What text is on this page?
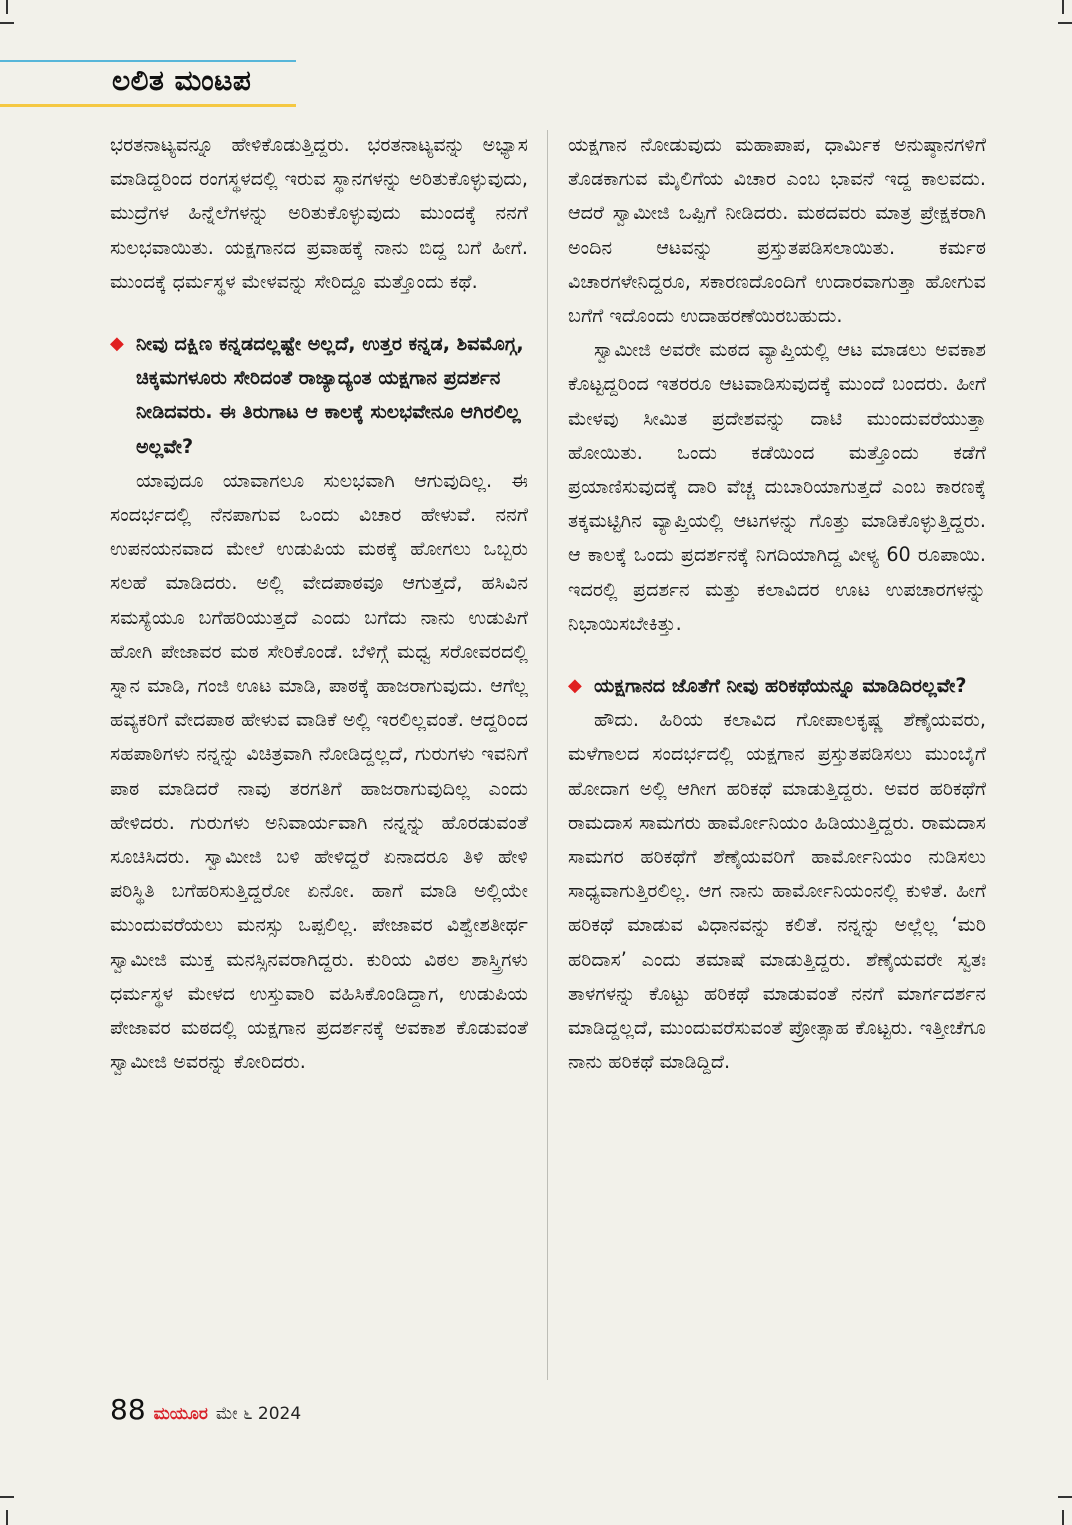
ಲಲಿತ ಮಂಟಪ

ಭರತನಾಟ್ಯವನ್ನೂ ಹೇಳಿಕೊಡುತ್ತಿದ್ದರು. ಭರತನಾಟ್ಯವನ್ನು ಅಭ್ಯಾಸ ಮಾಡಿದ್ದರಿಂದ ರಂಗಸ್ಥಳದಲ್ಲಿ ಇರುವ ಸ್ಥಾನಗಳನ್ನು ಅರಿತುಕೊಳ್ಳುವುದು, ಮುದ್ರೆಗಳ ಹಿನ್ನೆಲೆಗಳನ್ನು ಅರಿತುಕೊಳ್ಳುವುದು ಮುಂದಕ್ಕೆ ನನಗೆ ಸುಲಭವಾಯಿತು. ಯಕ್ಷಗಾನದ ಪ್ರವಾಹಕ್ಕೆ ನಾನು ಬಿದ್ದ ಬಗೆ ಹೀಗೆ. ಮುಂದಕ್ಕೆ ಧರ್ಮಸ್ಥಳ ಮೇಳವನ್ನು ಸೇರಿದ್ದೂ ಮತ್ತೊಂದು ಕಥೆ.

◆ ನೀವು ದಕ್ಷಿಣ ಕನ್ನಡದಲ್ಲಷ್ಟೇ ಅಲ್ಲದೆ, ಉತ್ತರ ಕನ್ನಡ, ಶಿವಮೊಗ್ಗ, ಚಿಕ್ಕಮಗಳೂರು ಸೇರಿದಂತೆ ರಾಜ್ಯಾದ್ಯಂತ ಯಕ್ಷಗಾನ ಪ್ರದರ್ಶನ ನೀಡಿದವರು. ಈ ತಿರುಗಾಟ ಆ ಕಾಲಕ್ಕೆ ಸುಲಭವೇನೂ ಆಗಿರಲಿಲ್ಲ ಅಲ್ಲವೇ?

ಯಾವುದೂ ಯಾವಾಗಲೂ ಸುಲಭವಾಗಿ ಆಗುವುದಿಲ್ಲ. ಈ ಸಂದರ್ಭದಲ್ಲಿ ನೆನಪಾಗುವ ಒಂದು ವಿಚಾರ ಹೇಳುವೆ. ನನಗೆ ಉಪನಯನವಾದ ಮೇಲೆ ಉಡುಪಿಯ ಮಠಕ್ಕೆ ಹೋಗಲು ಒಬ್ಬರು ಸಲಹೆ ಮಾಡಿದರು. ಅಲ್ಲಿ ವೇದಪಾಠವೂ ಆಗುತ್ತದೆ, ಹಸಿವಿನ ಸಮಸ್ಯೆಯೂ ಬಗೆಹರಿಯುತ್ತದೆ ಎಂದು ಬಗೆದು ನಾನು ಉಡುಪಿಗೆ ಹೋಗಿ ಪೇಜಾವರ ಮಠ ಸೇರಿಕೊಂಡೆ. ಬೆಳಿಗ್ಗೆ ಮಧ್ವ ಸರೋವರದಲ್ಲಿ ಸ್ನಾನ ಮಾಡಿ, ಗಂಜಿ ಊಟ ಮಾಡಿ, ಪಾಠಕ್ಕೆ ಹಾಜರಾಗುವುದು. ಆಗೆಲ್ಲ ಹವ್ಯಕರಿಗೆ ವೇದಪಾಠ ಹೇಳುವ ವಾಡಿಕೆ ಅಲ್ಲಿ ಇರಲಿಲ್ಲವಂತೆ. ಆದ್ದರಿಂದ ಸಹಪಾಠಿಗಳು ನನ್ನನ್ನು ವಿಚಿತ್ರವಾಗಿ ನೋಡಿದ್ದಲ್ಲದೆ, ಗುರುಗಳು ಇವನಿಗೆ ಪಾಠ ಮಾಡಿದರೆ ನಾವು ತರಗತಿಗೆ ಹಾಜರಾಗುವುದಿಲ್ಲ ಎಂದು ಹೇಳಿದರು. ಗುರುಗಳು ಅನಿವಾರ್ಯವಾಗಿ ನನ್ನನ್ನು ಹೊರಡುವಂತೆ ಸೂಚಿಸಿದರು. ಸ್ವಾಮೀಜಿ ಬಳಿ ಹೇಳಿದ್ದರೆ ಏನಾದರೂ ತಿಳಿ ಹೇಳಿ ಪರಿಸ್ಥಿತಿ ಬಗೆಹರಿಸುತ್ತಿದ್ದರೋ ಏನೋ. ಹಾಗೆ ಮಾಡಿ ಅಲ್ಲಿಯೇ ಮುಂದುವರೆಯಲು ಮನಸ್ಸು ಒಪ್ಪಲಿಲ್ಲ. ಪೇಜಾವರ ವಿಶ್ವೇಶತೀರ್ಥ ಸ್ವಾಮೀಜಿ ಮುಕ್ತ ಮನಸ್ಸಿನವರಾಗಿದ್ದರು. ಕುರಿಯ ವಿಠಲ ಶಾಸ್ತ್ರಿಗಳು ಧರ್ಮಸ್ಥಳ ಮೇಳದ ಉಸ್ತುವಾರಿ ವಹಿಸಿಕೊಂಡಿದ್ದಾಗ, ಉಡುಪಿಯ ಪೇಜಾವರ ಮಠದಲ್ಲಿ ಯಕ್ಷಗಾನ ಪ್ರದರ್ಶನಕ್ಕೆ ಅವಕಾಶ ಕೊಡುವಂತೆ ಸ್ವಾಮೀಜಿ ಅವರನ್ನು ಕೋರಿದರು.

ಯಕ್ಷಗಾನ ನೋಡುವುದು ಮಹಾಪಾಪ, ಧಾರ್ಮಿಕ ಅನುಷ್ಠಾನಗಳಿಗೆ ತೊಡಕಾಗುವ ಮೈಲಿಗೆಯ ವಿಚಾರ ಎಂಬ ಭಾವನೆ ಇದ್ದ ಕಾಲವದು. ಆದರೆ ಸ್ವಾಮೀಜಿ ಒಪ್ಪಿಗೆ ನೀಡಿದರು. ಮಠದವರು ಮಾತ್ರ ಪ್ರೇಕ್ಷಕರಾಗಿ ಅಂದಿನ ಆಟವನ್ನು ಪ್ರಸ್ತುತಪಡಿಸಲಾಯಿತು. ಕರ್ಮಠ ವಿಚಾರಗಳೇನಿದ್ದರೂ, ಸಕಾರಣದೊಂದಿಗೆ ಉದಾರವಾಗುತ್ತಾ ಹೋಗುವ ಬಗೆಗೆ ಇದೊಂದು ಉದಾಹರಣೆಯಿರಬಹುದು.

ಸ್ವಾಮೀಜಿ ಅವರೇ ಮಠದ ವ್ಯಾಪ್ತಿಯಲ್ಲಿ ಆಟ ಮಾಡಲು ಅವಕಾಶ ಕೊಟ್ಟದ್ದರಿಂದ ಇತರರೂ ಆಟವಾಡಿಸುವುದಕ್ಕೆ ಮುಂದೆ ಬಂದರು. ಹೀಗೆ ಮೇಳವು ಸೀಮಿತ ಪ್ರದೇಶವನ್ನು ದಾಟಿ ಮುಂದುವರೆಯುತ್ತಾ ಹೋಯಿತು. ಒಂದು ಕಡೆಯಿಂದ ಮತ್ತೊಂದು ಕಡೆಗೆ ಪ್ರಯಾಣಿಸುವುದಕ್ಕೆ ದಾರಿ ವೆಚ್ಚ ದುಬಾರಿಯಾಗುತ್ತದೆ ಎಂಬ ಕಾರಣಕ್ಕೆ ತಕ್ಕಮಟ್ಟಿಗಿನ ವ್ಯಾಪ್ತಿಯಲ್ಲಿ ಆಟಗಳನ್ನು ಗೊತ್ತು ಮಾಡಿಕೊಳ್ಳುತ್ತಿದ್ದರು. ಆ ಕಾಲಕ್ಕೆ ಒಂದು ಪ್ರದರ್ಶನಕ್ಕೆ ನಿಗದಿಯಾಗಿದ್ದ ವೀಳ್ಯ 60 ರೂಪಾಯಿ. ಇದರಲ್ಲಿ ಪ್ರದರ್ಶನ ಮತ್ತು ಕಲಾವಿದರ ಊಟ ಉಪಚಾರಗಳನ್ನು ನಿಭಾಯಿಸಬೇಕಿತ್ತು.

◆ ಯಕ್ಷಗಾನದ ಜೊತೆಗೆ ನೀವು ಹರಿಕಥೆಯನ್ನೂ ಮಾಡಿದಿರಲ್ಲವೇ?

ಹೌದು. ಹಿರಿಯ ಕಲಾವಿದ ಗೋಪಾಲಕೃಷ್ಣ ಶೆಣೈಯವರು, ಮಳೆಗಾಲದ ಸಂದರ್ಭದಲ್ಲಿ ಯಕ್ಷಗಾನ ಪ್ರಸ್ತುತಪಡಿಸಲು ಮುಂಬೈಗೆ ಹೋದಾಗ ಅಲ್ಲಿ ಆಗೀಗ ಹರಿಕಥೆ ಮಾಡುತ್ತಿದ್ದರು. ಅವರ ಹರಿಕಥೆಗೆ ರಾಮದಾಸ ಸಾಮಗರು ಹಾರ್ಮೋನಿಯಂ ಹಿಡಿಯುತ್ತಿದ್ದರು. ರಾಮದಾಸ ಸಾಮಗರ ಹರಿಕಥೆಗೆ ಶೆಣೈಯವರಿಗೆ ಹಾರ್ಮೋನಿಯಂ ನುಡಿಸಲು ಸಾಧ್ಯವಾಗುತ್ತಿರಲಿಲ್ಲ. ಆಗ ನಾನು ಹಾರ್ಮೋನಿಯಂನಲ್ಲಿ ಕುಳಿತೆ. ಹೀಗೆ ಹರಿಕಥೆ ಮಾಡುವ ವಿಧಾನವನ್ನು ಕಲಿತೆ. ನನ್ನನ್ನು ಅಲ್ಲೆಲ್ಲ ‘ಮರಿ ಹರಿದಾಸ’ ಎಂದು ತಮಾಷೆ ಮಾಡುತ್ತಿದ್ದರು. ಶೆಣೈಯವರೇ ಸ್ವತಃ ತಾಳಗಳನ್ನು ಕೊಟ್ಟು ಹರಿಕಥೆ ಮಾಡುವಂತೆ ನನಗೆ ಮಾರ್ಗದರ್ಶನ ಮಾಡಿದ್ದಲ್ಲದೆ, ಮುಂದುವರೆಸುವಂತೆ ಪ್ರೋತ್ಸಾಹ ಕೊಟ್ಟರು. ಇತ್ತೀಚೆಗೂ ನಾನು ಹರಿಕಥೆ ಮಾಡಿದ್ದಿದೆ.

88 ಮಯೂರ ಮೇ ೬ 2024
